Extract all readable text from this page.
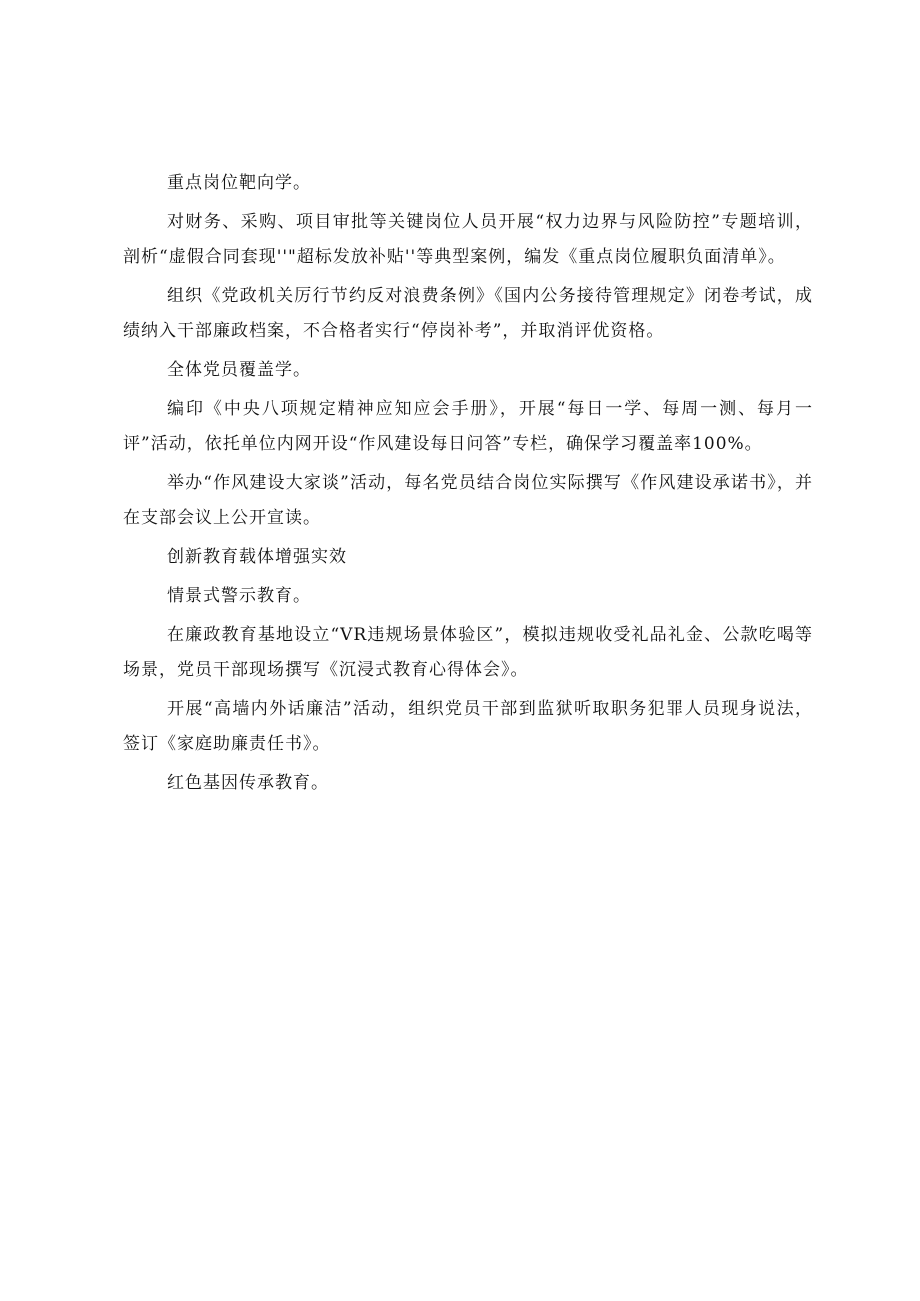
重点岗位靶向学。

对财务、采购、项目审批等关键岗位人员开展“权力边界与风险防控”专题培训，剖析“虚假合同套现''"超标发放补贴''等典型案例，编发《重点岗位履职负面清单》。

组织《党政机关厉行节约反对浪费条例》《国内公务接待管理规定》闭卷考试，成绩纳入干部廉政档案，不合格者实行“停岗补考”，并取消评优资格。

全体党员覆盖学。

编印《中央八项规定精神应知应会手册》，开展“每日一学、每周一测、每月一评”活动，依托单位内网开设“作风建设每日问答”专栏，确保学习覆盖率100%。

举办“作风建设大家谈”活动，每名党员结合岗位实际撰写《作风建设承诺书》，并在支部会议上公开宣读。

创新教育载体增强实效

情景式警示教育。

在廉政教育基地设立“VR违规场景体验区”，模拟违规收受礼品礼金、公款吃喝等场景，党员干部现场撰写《沉浸式教育心得体会》。

开展“高墙内外话廉洁”活动，组织党员干部到监狱听取职务犯罪人员现身说法，签订《家庭助廉责任书》。

红色基因传承教育。
